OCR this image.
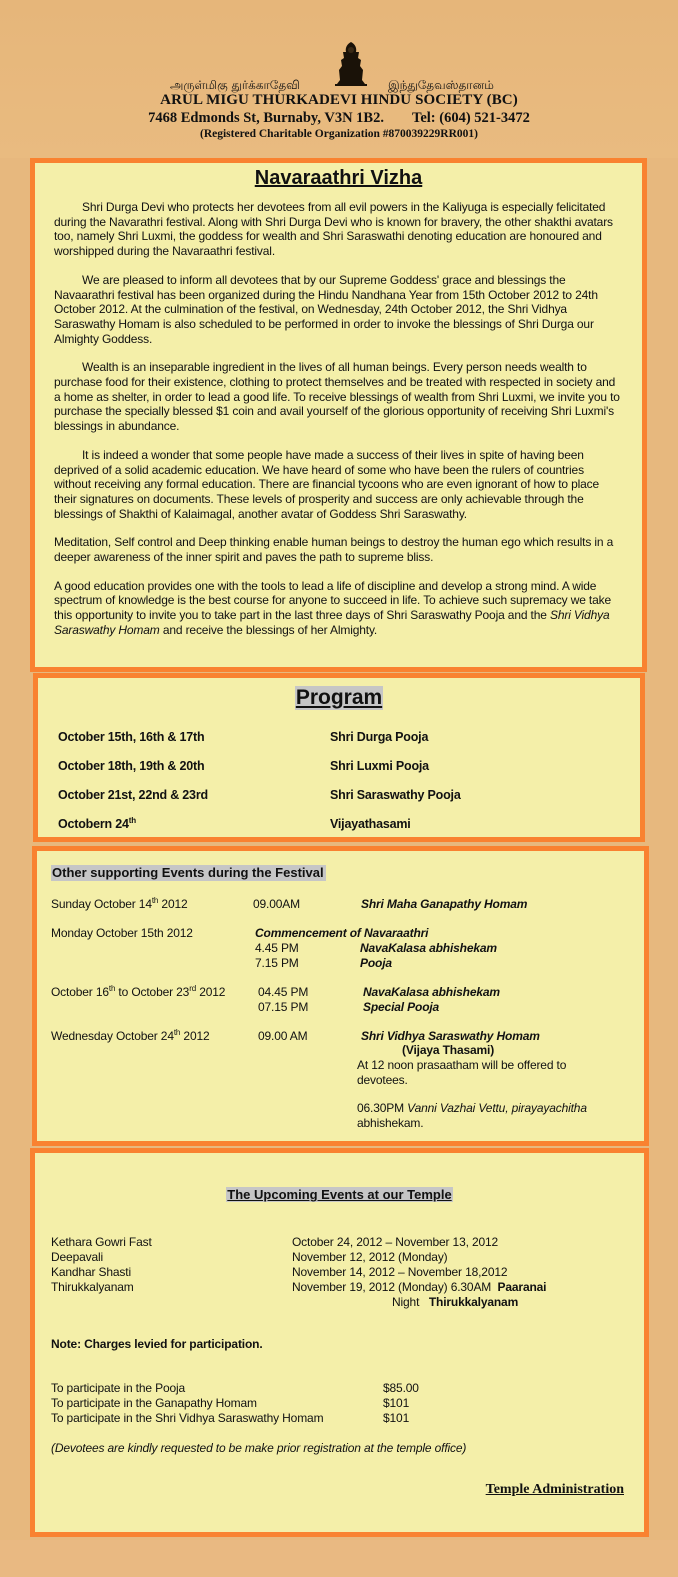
அருள்மிகு துர்க்காதேவி	இந்துதேவஸ்தானம்
ARUL MIGU THURKADEVI HINDU SOCIETY (BC)
7468 Edmonds St, Burnaby, V3N 1B2. Tel: (604) 521-3472
(Registered Charitable Organization #870039229RR001)
Navaraathri Vizha

Shri Durga Devi who protects her devotees from all evil powers in the Kaliyuga is especially felicitated during the Navarathri festival. Along with Shri Durga Devi who is known for bravery, the other shakthi avatars too, namely Shri Luxmi, the goddess for wealth and Shri Saraswathi denoting education are honoured and worshipped during the Navaraathri festival.

We are pleased to inform all devotees that by our Supreme Goddess' grace and blessings the Navaarathri festival has been organized during the Hindu Nandhana Year from 15th October 2012 to 24th October 2012. At the culmination of the festival, on Wednesday, 24th October 2012, the Shri Vidhya Saraswathy Homam is also scheduled to be performed in order to invoke the blessings of Shri Durga our Almighty Goddess.

Wealth is an inseparable ingredient in the lives of all human beings. Every person needs wealth to purchase food for their existence, clothing to protect themselves and be treated with respected in society and a home as shelter, in order to lead a good life. To receive blessings of wealth from Shri Luxmi, we invite you to purchase the specially blessed $1 coin and avail yourself of the glorious opportunity of receiving Shri Luxmi's blessings in abundance.

It is indeed a wonder that some people have made a success of their lives in spite of having been deprived of a solid academic education. We have heard of some who have been the rulers of countries without receiving any formal education. There are financial tycoons who are even ignorant of how to place their signatures on documents. These levels of prosperity and success are only achievable through the blessings of Shakthi of Kalaimagal, another avatar of Goddess Shri Saraswathy.

Meditation, Self control and Deep thinking enable human beings to destroy the human ego which results in a deeper awareness of the inner spirit and paves the path to supreme bliss.

A good education provides one with the tools to lead a life of discipline and develop a strong mind. A wide spectrum of knowledge is the best course for anyone to succeed in life. To achieve such supremacy we take this opportunity to invite you to take part in the last three days of Shri Saraswathy Pooja and the Shri Vidhya Saraswathy Homam and receive the blessings of her Almighty.

Program
October 15th, 16th & 17th	Shri Durga Pooja
October 18th, 19th & 20th	Shri Luxmi Pooja
October 21st, 22nd & 23rd	Shri Saraswathy Pooja
Octobern 24th	Vijayathasami
Other supporting Events during the Festival
Sunday October 14th 2012	09.00AM	Shri Maha Ganapathy Homam
Monday October 15th 2012	Commencement of Navaraathri
4.45 PM	NavaKalasa abhishekam
7.15 PM	Pooja
October 16th to October 23rd 2012	04.45 PM	NavaKalasa abhishekam
07.15 PM	Special Pooja
Wednesday October 24th 2012	09.00 AM	Shri Vidhya Saraswathy Homam
(Vijaya Thasami)
At 12 noon prasaatham will be offered to devotees.
06.30PM Vanni Vazhai Vettu, pirayayachitha
abhishekam.
The Upcoming Events at our Temple
Kethara Gowri Fast	October 24, 2012 – November 13, 2012
Deepavali	November 12, 2012 (Monday)
Kandhar Shasti	November 14, 2012 – November 18,2012
Thirukkalyanam	November 19, 2012 (Monday) 6.30AM Paaranai
Night Thirukkalyanam
Note: Charges levied for participation.
To participate in the Pooja	$85.00
To participate in the Ganapathy Homam	$101
To participate in the Shri Vidhya Saraswathy Homam	$101
(Devotees are kindly requested to be make prior registration at the temple office)
Temple Administration
